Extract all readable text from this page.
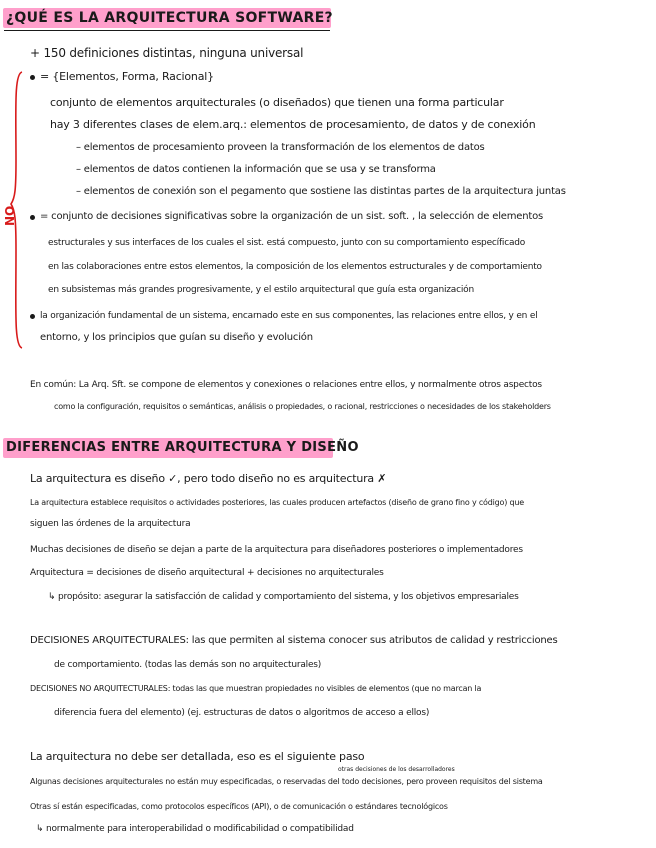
¿QUÉ ES LA ARQUITECTURA SOFTWARE?
+ 150 definiciones distintas, ninguna universal
NO
= {Elementos, Forma, Racional}
conjunto de elementos arquitecturales (o diseñados) que tienen una forma particular
hay 3 diferentes clases de elem.arq.: elementos de procesamiento, de datos y de conexión
– elementos de procesamiento proveen la transformación de los elementos de datos
– elementos de datos contienen la información que se usa y se transforma
– elementos de conexión son el pegamento que sostiene las distintas partes de la arquitectura juntas
= conjunto de decisiones significativas sobre la organización de un sist. soft. , la selección de elementos
estructurales y sus interfaces de los cuales el sist. está compuesto, junto con su comportamiento específicado
en las colaboraciones entre estos elementos, la composición de los elementos estructurales y de comportamiento
en subsistemas más grandes progresivamente, y el estilo arquitectural que guía esta organización
la organización fundamental de un sistema, encarnado este en sus componentes, las relaciones entre ellos, y en el
entorno, y los principios que guían su diseño y evolución
En común: La Arq. Sft. se compone de elementos y conexiones o relaciones entre ellos, y normalmente otros aspectos
como la configuración, requisitos o semánticas, análisis o propiedades, o racional, restricciones o necesidades de los stakeholders
DIFERENCIAS ENTRE ARQUITECTURA Y DISEÑO
La arquitectura es diseño ✓, pero todo diseño no es arquitectura ✗
La arquitectura establece requisitos o actividades posteriores, las cuales producen artefactos (diseño de grano fino y código) que
siguen las órdenes de la arquitectura
Muchas decisiones de diseño se dejan a parte de la arquitectura para diseñadores posteriores o implementadores
Arquitectura = decisiones de diseño arquitectural + decisiones no arquitecturales
↳ propósito: asegurar la satisfacción de calidad y comportamiento del sistema, y los objetivos empresariales
DECISIONES ARQUITECTURALES: las que permiten al sistema conocer sus atributos de calidad y restricciones
de comportamiento. (todas las demás son no arquitecturales)
DECISIONES NO ARQUITECTURALES: todas las que muestran propiedades no visibles de elementos (que no marcan la
diferencia fuera del elemento) (ej. estructuras de datos o algoritmos de acceso a ellos)
La arquitectura no debe ser detallada, eso es el siguiente paso
otras decisiones de los desarrolladores
Algunas decisiones arquitecturales no están muy especificadas, o reservadas del todo decisiones, pero proveen requisitos del sistema
Otras sí están especificadas, como protocolos específicos (API), o de comunicación o estándares tecnológicos
↳ normalmente para interoperabilidad o modificabilidad o compatibilidad
